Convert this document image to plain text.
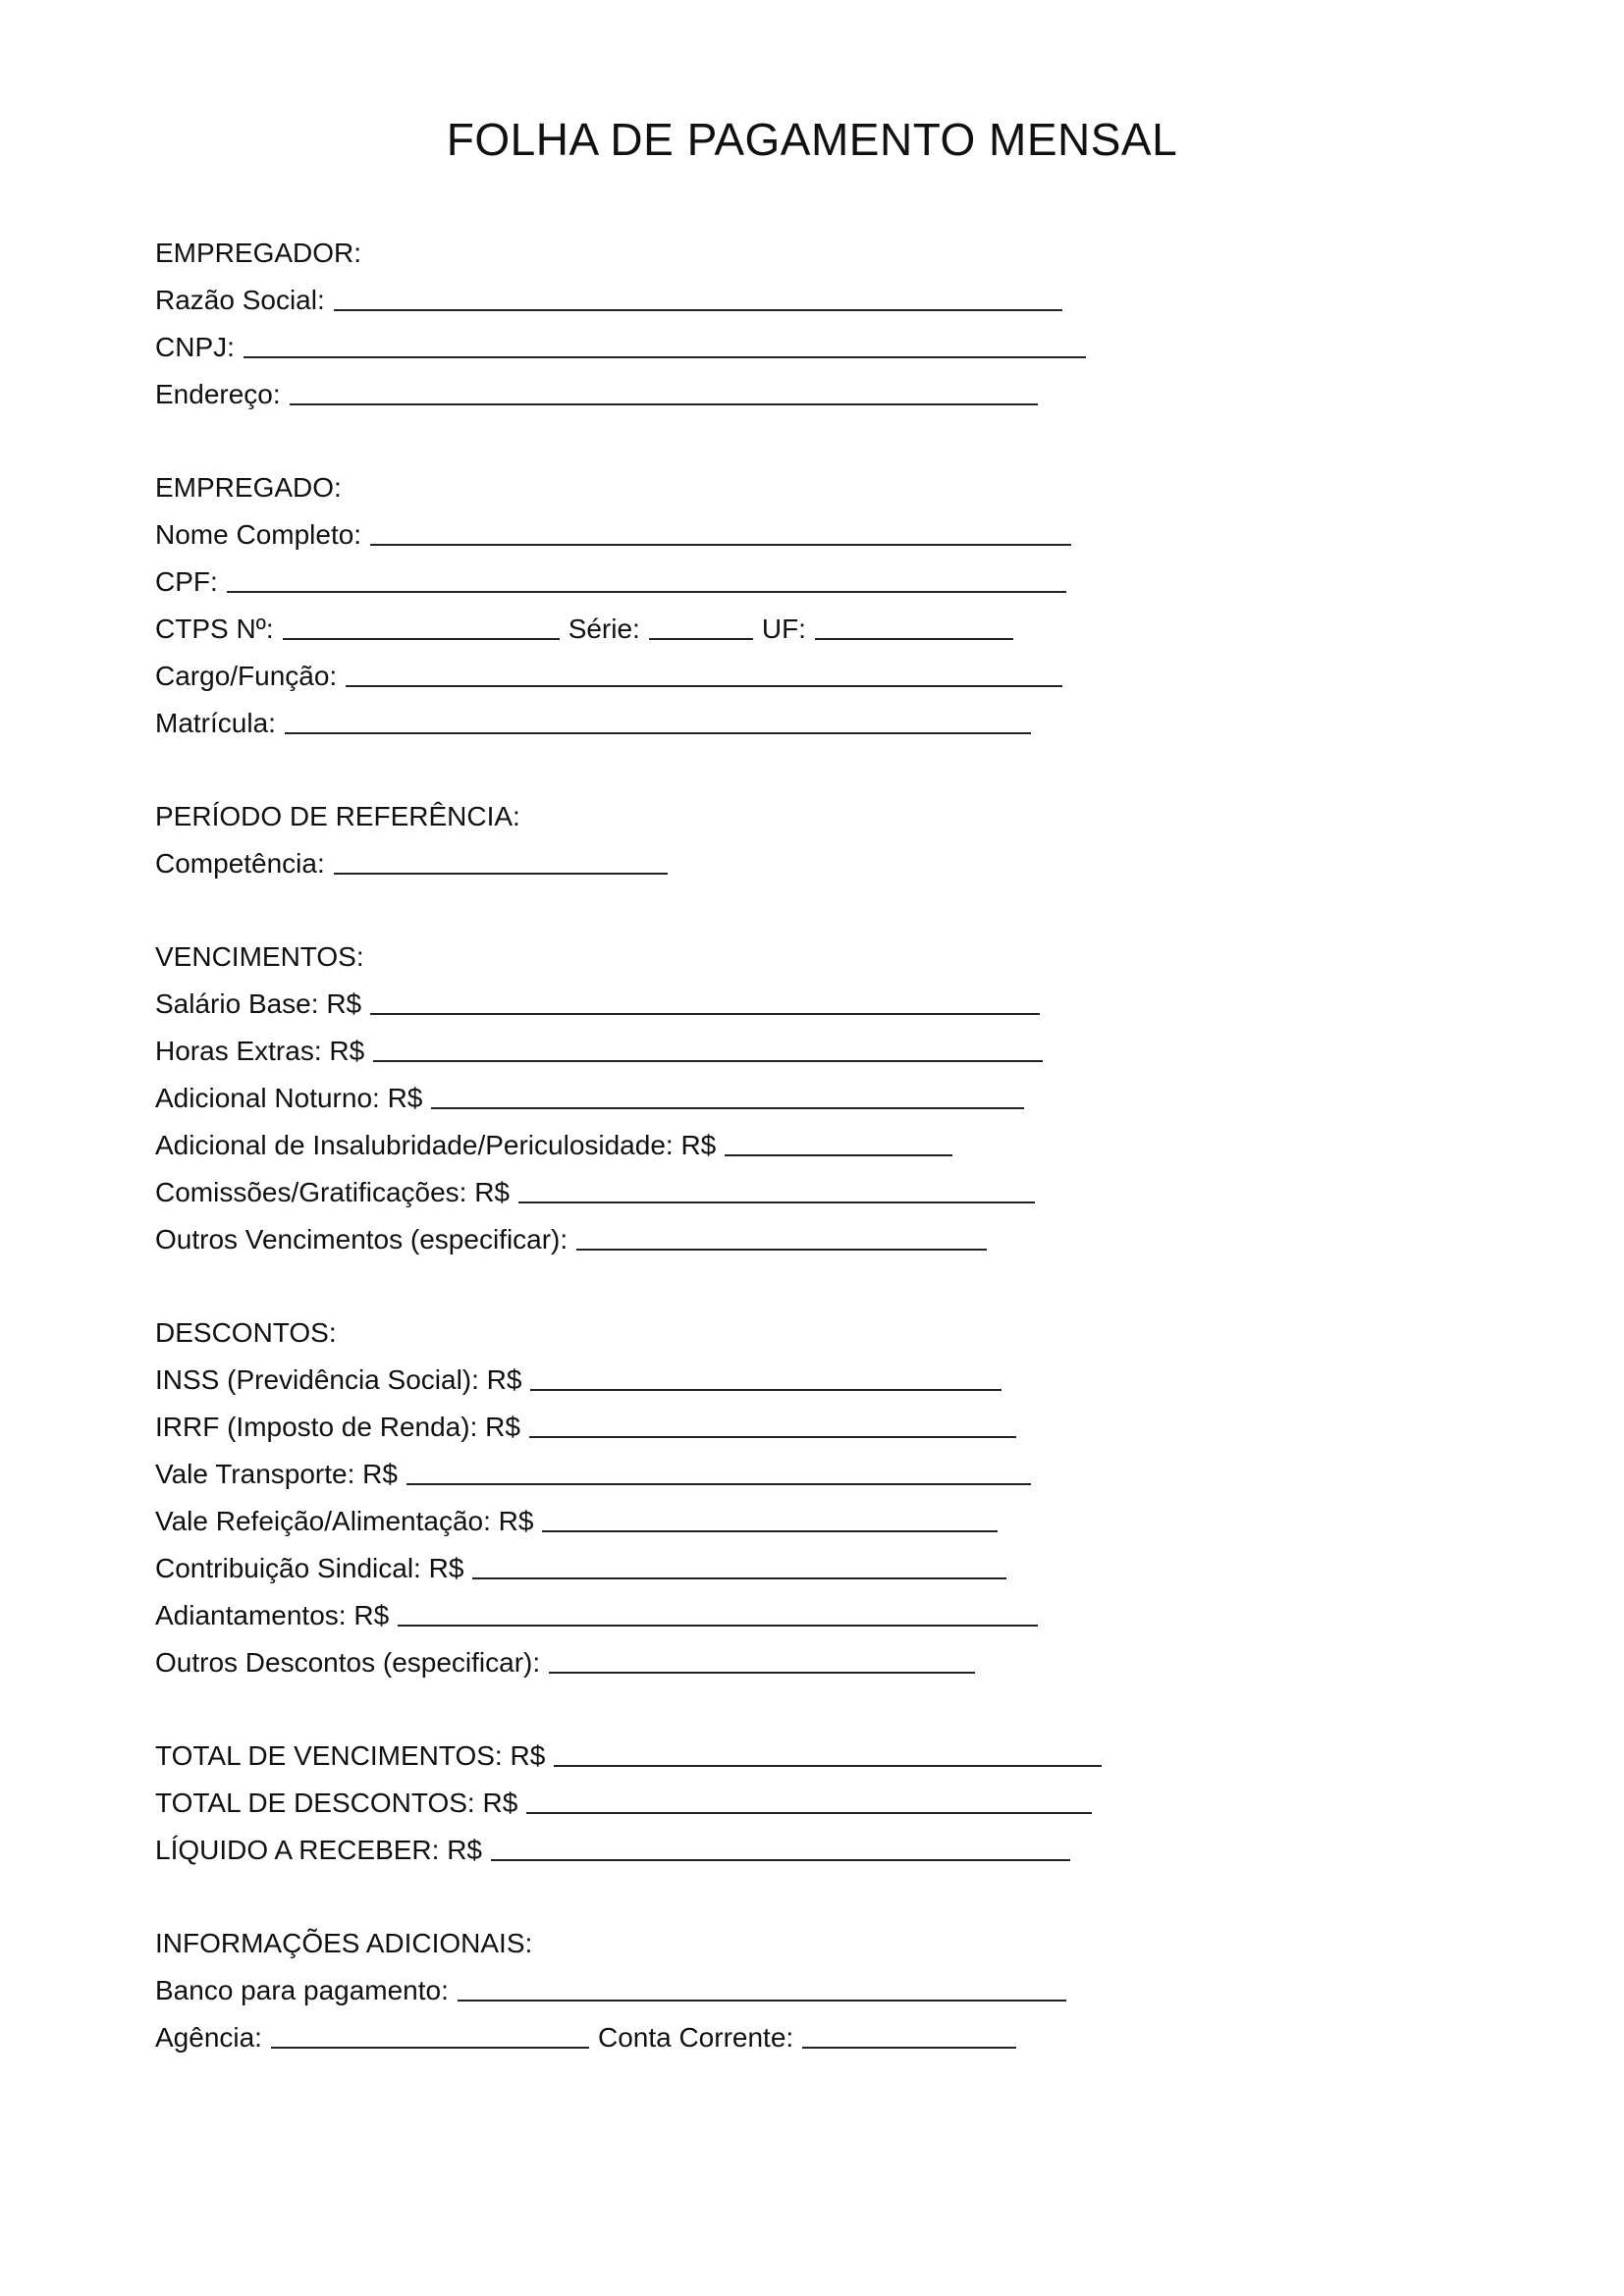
FOLHA DE PAGAMENTO MENSAL
EMPREGADOR:
Razão Social:
CNPJ:
Endereço:
EMPREGADO:
Nome Completo:
CPF:
CTPS Nº:	Série:	UF:
Cargo/Função:
Matrícula:
PERÍODO DE REFERÊNCIA:
Competência:
VENCIMENTOS:
Salário Base: R$
Horas Extras: R$
Adicional Noturno: R$
Adicional de Insalubridade/Periculosidade: R$
Comissões/Gratificações: R$
Outros Vencimentos (especificar):
DESCONTOS:
INSS (Previdência Social): R$
IRRF (Imposto de Renda): R$
Vale Transporte: R$
Vale Refeição/Alimentação: R$
Contribuição Sindical: R$
Adiantamentos: R$
Outros Descontos (especificar):
TOTAL DE VENCIMENTOS: R$
TOTAL DE DESCONTOS: R$
LÍQUIDO A RECEBER: R$
INFORMAÇÕES ADICIONAIS:
Banco para pagamento:
Agência:	Conta Corrente:
